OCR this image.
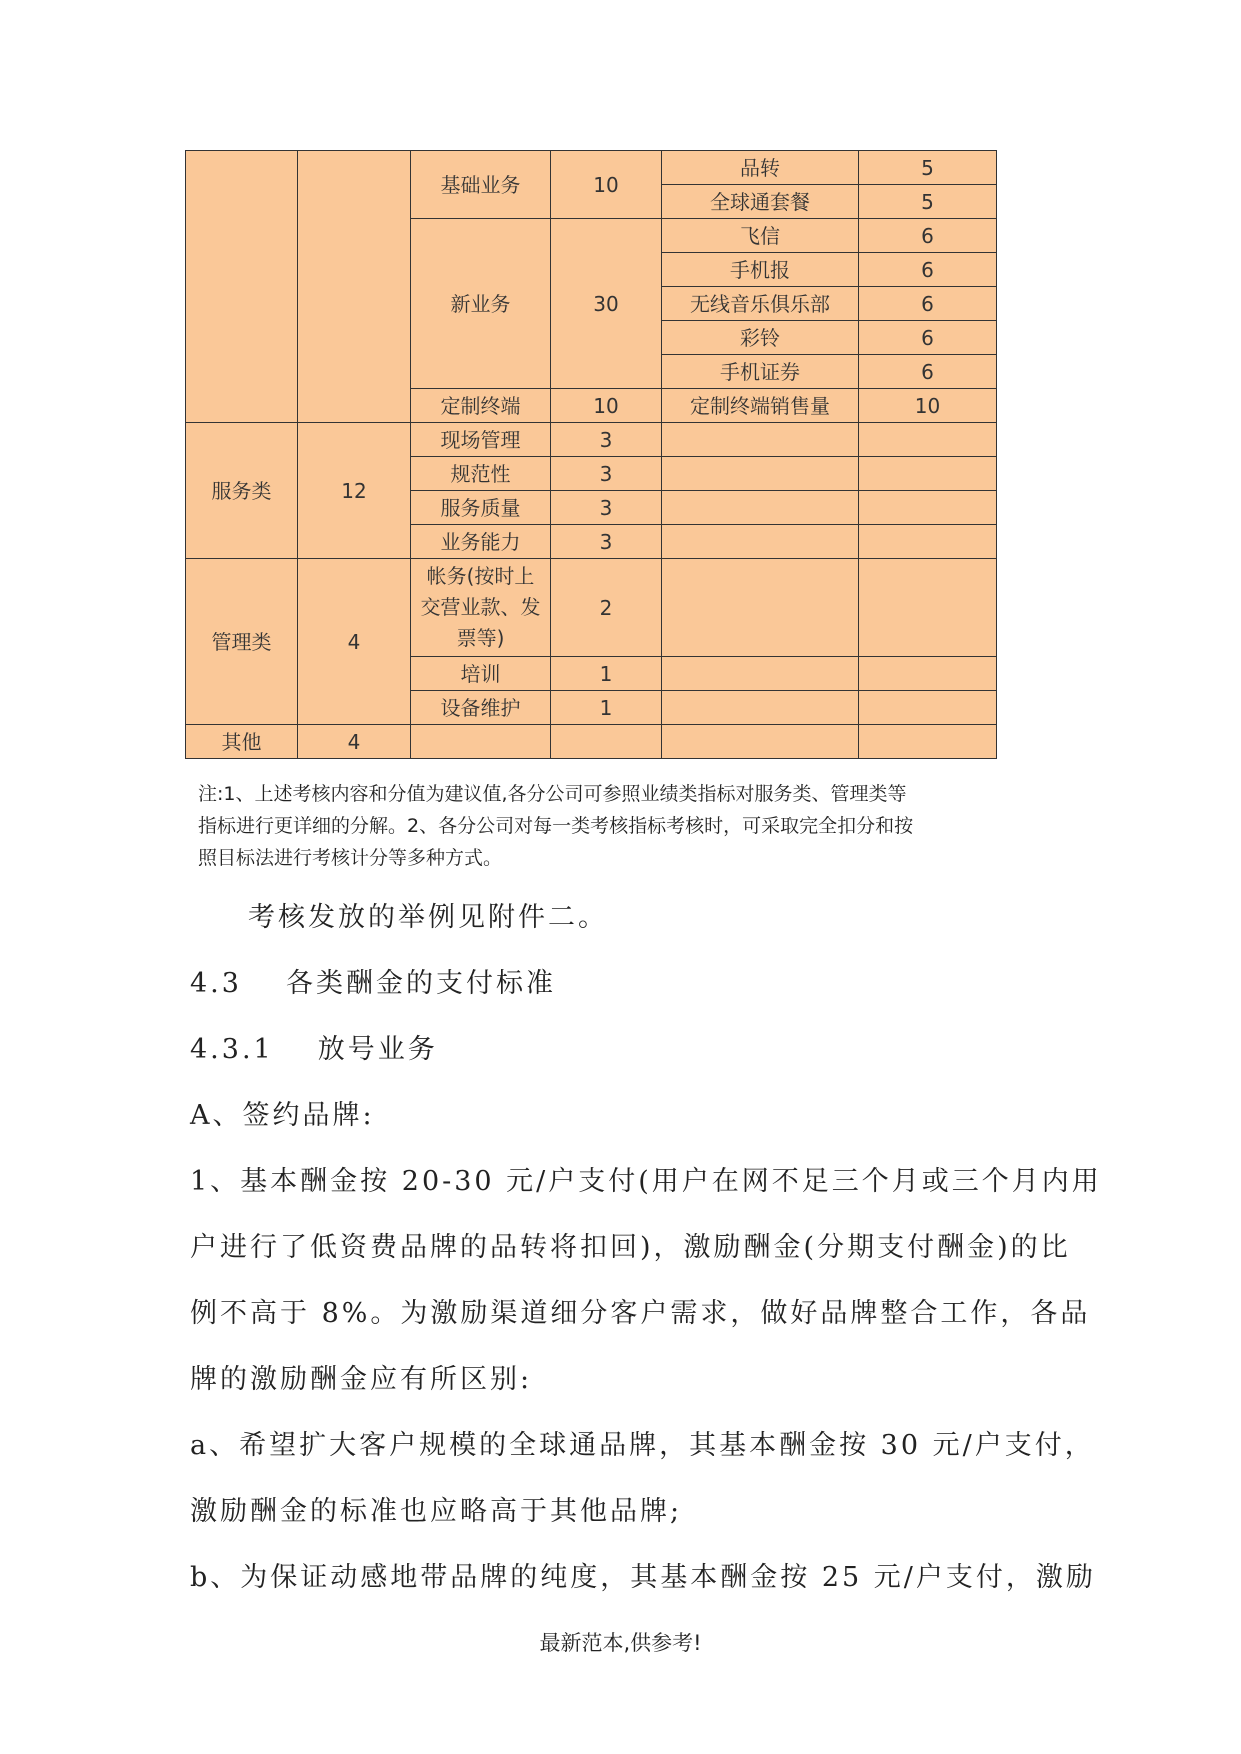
		基础业务	10	品转	5
				全球通套餐	5
		新业务	30	飞信	6
				手机报	6
				无线音乐俱乐部	6
				彩铃	6
				手机证券	6
		定制终端	10	定制终端销售量	10
服务类	12	现场管理	3		
		规范性	3		
		服务质量	3		
		业务能力	3		
管理类	4	帐务(按时上交营业款、发票等)	2		
		培训	1		
		设备维护	1		
其他	4				

注:1、上述考核内容和分值为建议值,各分公司可参照业绩类指标对服务类、管理类等

指标进行更详细的分解。2、各分公司对每一类考核指标考核时，可采取完全扣分和按

照目标法进行考核计分等多种方式。

考核发放的举例见附件二。

4.3 各类酬金的支付标准

4.3.1 放号业务

A、签约品牌:

1、基本酬金按 20-30 元/户支付(用户在网不足三个月或三个月内用

户进行了低资费品牌的品转将扣回)，激励酬金(分期支付酬金)的比

例不高于 8%。为激励渠道细分客户需求，做好品牌整合工作，各品

牌的激励酬金应有所区别:

a、希望扩大客户规模的全球通品牌，其基本酬金按 30 元/户支付，

激励酬金的标准也应略高于其他品牌;

b、为保证动感地带品牌的纯度，其基本酬金按 25 元/户支付，激励

最新范本,供参考!
